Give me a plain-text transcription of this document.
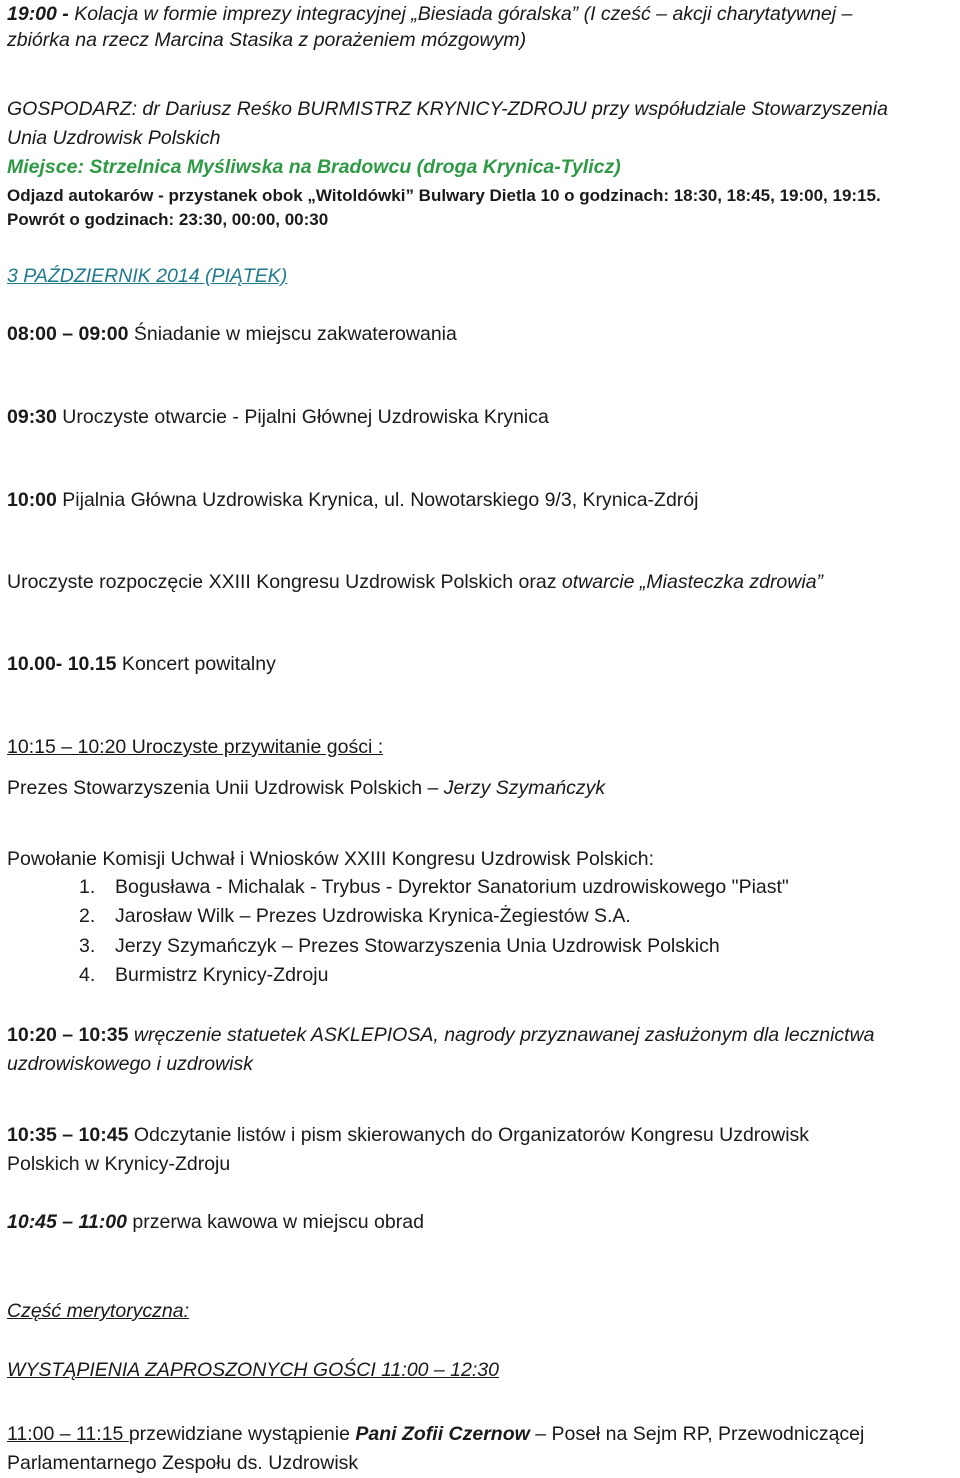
19:00 - Kolacja w formie imprezy integracyjnej „Biesiada góralska” (I cześć – akcji charytatywnej –
zbiórka na rzecz Marcina Stasika z porażeniem mózgowym)
GOSPODARZ: dr Dariusz Reśko BURMISTRZ KRYNICY-ZDROJU przy współudziale Stowarzyszenia
Unia Uzdrowisk Polskich
Miejsce: Strzelnica Myśliwska na Bradowcu (droga Krynica-Tylicz)
Odjazd autokarów - przystanek obok „Witoldówki” Bulwary Dietla 10 o godzinach: 18:30, 18:45, 19:00, 19:15.
Powrót o godzinach: 23:30, 00:00, 00:30
3 PAŹDZIERNIK 2014 (PIĄTEK)
08:00 – 09:00 Śniadanie w miejscu zakwaterowania
09:30 Uroczyste otwarcie - Pijalni Głównej Uzdrowiska Krynica
10:00 Pijalnia Główna Uzdrowiska Krynica, ul. Nowotarskiego 9/3, Krynica-Zdrój
Uroczyste rozpoczęcie XXIII Kongresu Uzdrowisk Polskich oraz otwarcie „Miasteczka zdrowia”
10.00- 10.15 Koncert powitalny
10:15 – 10:20 Uroczyste przywitanie gości :
Prezes Stowarzyszenia Unii Uzdrowisk Polskich – Jerzy Szymańczyk
Powołanie Komisji Uchwał i Wniosków XXIII Kongresu Uzdrowisk Polskich:
1. Bogusława - Michalak - Trybus - Dyrektor Sanatorium uzdrowiskowego "Piast"
2. Jarosław Wilk – Prezes Uzdrowiska Krynica-Żegiestów S.A.
3. Jerzy Szymańczyk – Prezes Stowarzyszenia Unia Uzdrowisk Polskich
4. Burmistrz Krynicy-Zdroju
10:20 – 10:35 wręczenie statuetek ASKLEPIOSA, nagrody przyznawanej zasłużonym dla lecznictwa
uzdrowiskowego i uzdrowisk
10:35 – 10:45 Odczytanie listów i pism skierowanych do Organizatorów Kongresu Uzdrowisk
Polskich w Krynicy-Zdroju
10:45 – 11:00 przerwa kawowa w miejscu obrad
Część merytoryczna:
WYSTĄPIENIA ZAPROSZONYCH GOŚCI 11:00 – 12:30
11:00 – 11:15 przewidziane wystąpienie Pani Zofii Czernow – Poseł na Sejm RP, Przewodniczącej
Parlamentarnego Zespołu ds. Uzdrowisk
